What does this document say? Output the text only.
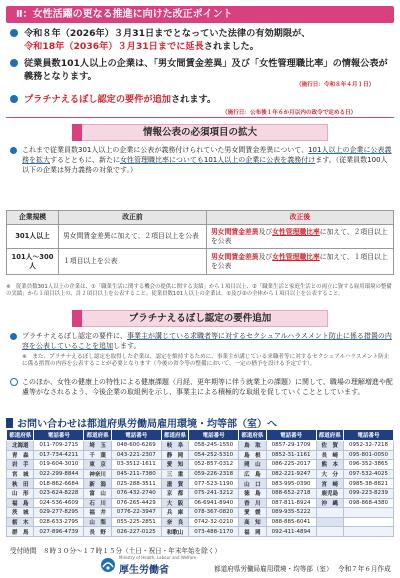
Ⅱ：女性活躍の更なる推進に向けた改正ポイント
令和８年（2026年）３月31日までとなっていた法律の有効期限が、
令和18年（2036年）３月31日までに延長されました。
従業員数101人以上の企業は、「男女間賃金差異」及び「女性管理職比率」の情報公表が義務となります。
（施行日：令和８年４月１日）
プラチナえるぼし認定の要件が追加されます。
（施行日：公布後１年６か月以内の政令で定める日）
情報公表の必須項目の拡大
これまで従業員数301人以上の企業に公表が義務付けられていた男女間賃金差異について、101人以上の企業に公表義務を拡大するとともに、新たに女性管理職比率についても101人以上の企業に公表を義務付けます。（従業員数100人以下の企業は努力義務の対象です。）
企業規模	改正前	改正後
301人以上	男女間賃金差異に加えて、２項目以上を公表	男女間賃金差異及び女性管理職比率に加えて、２項目以上を公表
101人～300人	１項目以上を公表	男女間賃金差異及び女性管理職比率に加えて、１項目以上を公表
※　従業員数301人以上の企業は、①「職業生活に関する機会の提供に関する実績」から１項目以上、②「職業生活と家庭生活との両立に資する雇用環境の整備の実績」から１項目以上の、計２項目以上を公表すること。従業員数101人以上の企業は、①及び②の全体から１項目以上を公表すること。
プラチナえるぼし認定の要件追加
プラチナえるぼし認定の要件に、事業主が講じている求職者等に対するセクシュアルハラスメント防止に係る措置の内容を公表していることを追加します。
※　また、プラチナえるぼし認定を取得した企業は、認定を維持するために、事業主が講じている求職者等に対するセクシュアルハラスメント防止に係る措置の内容を公表することが必要となります（今後の省令等の整備において、一定の猶予を設ける予定です）。
このほか、女性の健康上の特性による健康課題（月経、更年期等に伴う就業上の課題）に関して、職場の理解増進や配慮等がなされるよう、今後企業の取組例を示し、事業主による積極的な取組を促していくこととしています。
お問い合わせは都道府県労働局雇用環境・均等部（室）へ
都道府県	電話番号	都道府県	電話番号	都道府県	電話番号	都道府県	電話番号	都道府県	電話番号
北海道	011-709-2715	埼　玉	048-600-6269	岐　阜	058-245-1550	鳥　取	0857-29-1709	佐　賀	0952-32-7218
青　森	017-734-4211	千　葉	043-221-2307	静　岡	054-252-5310	島　根	0852-31-1161	長　崎	095-801-0050
岩　手	019-604-3010	東　京	03-3512-1611	愛　知	052-857-0312	岡　山	086-225-2017	熊　本	096-352-3865
宮　城	022-299-8844	神奈川	045-211-7380	三　重	059-226-2318	広　島	082-221-9247	大　分	097-532-4025
秋　田	018-862-6684	新　潟	025-288-3511	滋　賀	077-523-1190	山　口	083-995-0390	宮　崎	0985-38-8821
山　形	023-624-8228	富　山	076-432-2740	京　都	075-241-3212	徳　島	088-652-2718	鹿児島	099-223-8239
福　島	024-536-4609	石　川	076-265-4429	大　阪	06-6941-8940	香　川	087-811-8924	沖　縄	098-868-4380
茨　城	029-277-8295	福　井	0776-22-3947	兵　庫	078-367-0820	愛　媛	089-935-5222		
栃　木	028-633-2795	山　梨	055-225-2851	奈　良	0742-32-0210	高　知	088-885-6041		
群　馬	027-896-4739	長　野	026-227-0125	和歌山	073-488-1170	福　岡	092-411-4894		
受付時間　８時３０分～１７時１５分（土日・祝日・年末年始を除く）
Ministry of Health, Labour and Welfare
厚生労働省	都道府県労働局雇用環境・均等部（室） 令和７年６月作成
